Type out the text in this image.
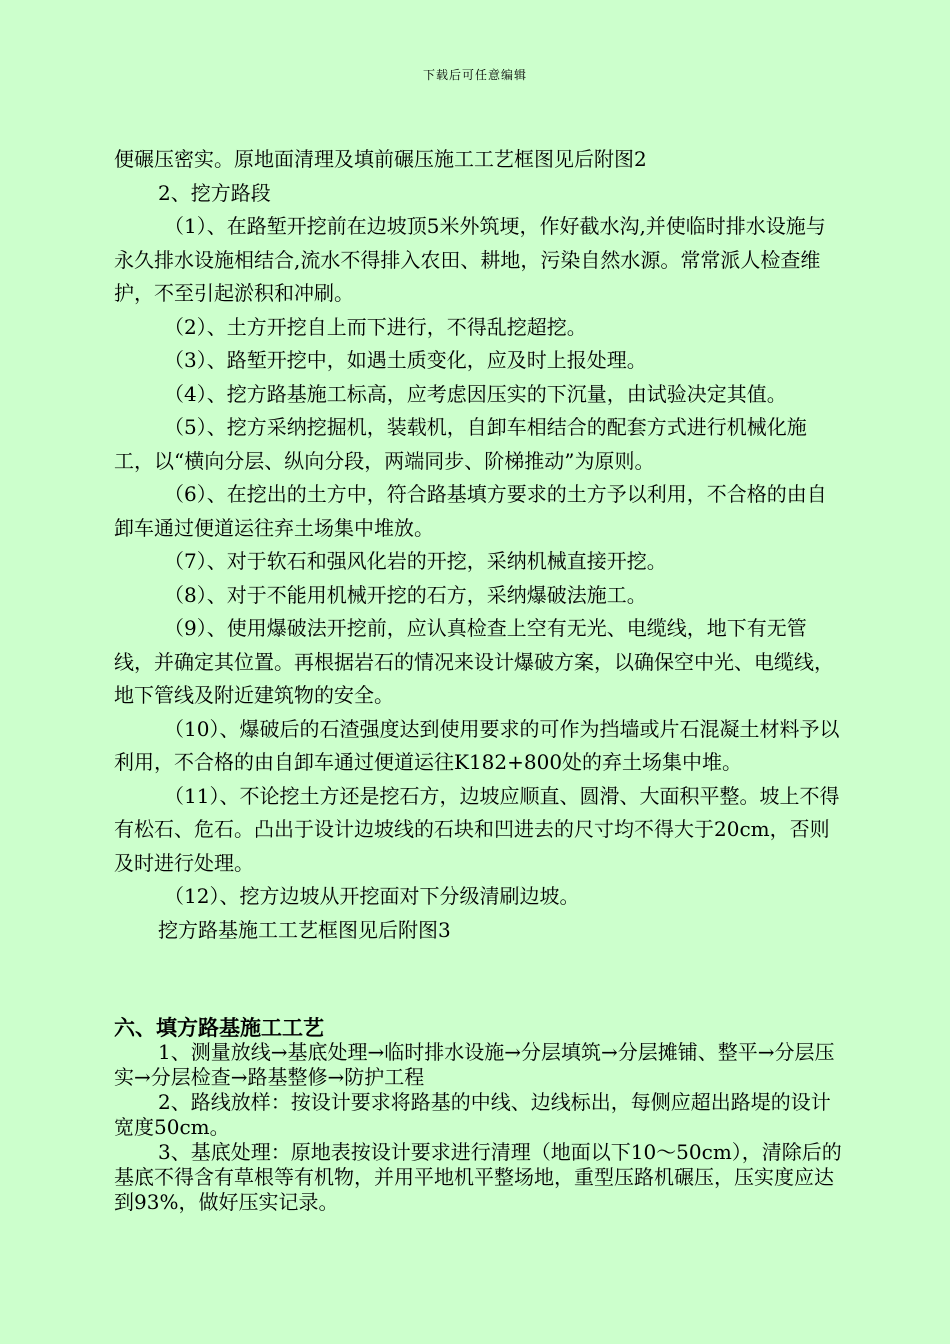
下载后可任意编辑

便碾压密实。原地面清理及填前碾压施工工艺框图见后附图2

2、挖方路段

（1）、在路堑开挖前在边坡顶5米外筑埂，作好截水沟,并使临时排水设施与永久排水设施相结合,流水不得排入农田、耕地，污染自然水源。常常派人检查维护，不至引起淤积和冲刷。

（2）、土方开挖自上而下进行，不得乱挖超挖。

（3）、路堑开挖中，如遇土质变化，应及时上报处理。

（4）、挖方路基施工标高，应考虑因压实的下沉量，由试验决定其值。

（5）、挖方采纳挖掘机，装载机，自卸车相结合的配套方式进行机械化施工，以“横向分层、纵向分段，两端同步、阶梯推动”为原则。

（6）、在挖出的土方中，符合路基填方要求的土方予以利用，不合格的由自卸车通过便道运往弃土场集中堆放。

（7）、对于软石和强风化岩的开挖，采纳机械直接开挖。

（8）、对于不能用机械开挖的石方，采纳爆破法施工。

（9）、使用爆破法开挖前，应认真检查上空有无光、电缆线，地下有无管线，并确定其位置。再根据岩石的情况来设计爆破方案，以确保空中光、电缆线，地下管线及附近建筑物的安全。

（10）、爆破后的石渣强度达到使用要求的可作为挡墙或片石混凝土材料予以利用，不合格的由自卸车通过便道运往K182+800处的弃土场集中堆。

（11）、不论挖土方还是挖石方，边坡应顺直、圆滑、大面积平整。坡上不得有松石、危石。凸出于设计边坡线的石块和凹进去的尺寸均不得大于20cm，否则及时进行处理。

（12）、挖方边坡从开挖面对下分级清刷边坡。

挖方路基施工工艺框图见后附图3

六、填方路基施工工艺

1、测量放线→基底处理→临时排水设施→分层填筑→分层摊铺、整平→分层压实→分层检查→路基整修→防护工程

2、路线放样：按设计要求将路基的中线、边线标出，每侧应超出路堤的设计宽度50cm。

3、基底处理：原地表按设计要求进行清理（地面以下10～50cm），清除后的基底不得含有草根等有机物，并用平地机平整场地，重型压路机碾压，压实度应达到93%，做好压实记录。
